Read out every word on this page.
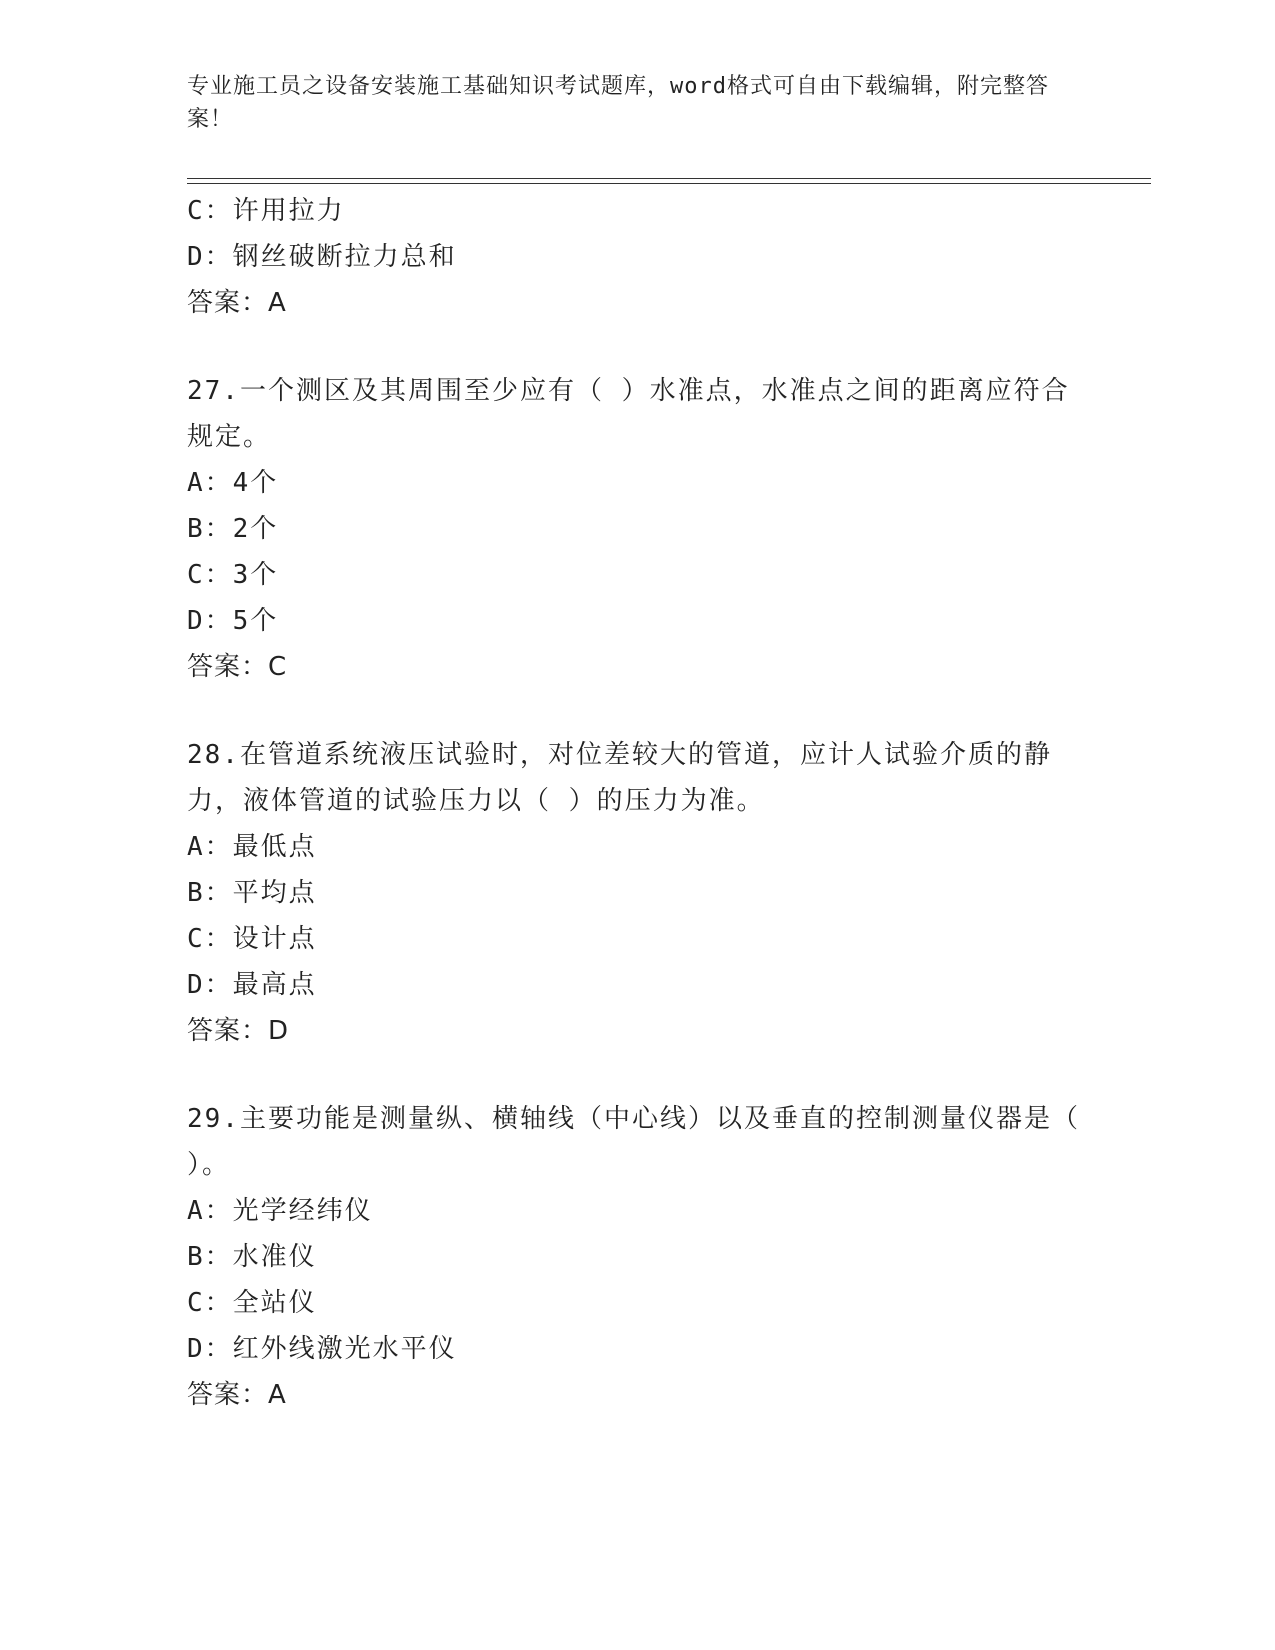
专业施工员之设备安装施工基础知识考试题库，word格式可自由下载编辑，附完整答案！
C：许用拉力
D：钢丝破断拉力总和
答案：A
27.一个测区及其周围至少应有（ ）水准点，水准点之间的距离应符合规定。
A：4个
B：2个
C：3个
D：5个
答案：C
28.在管道系统液压试验时，对位差较大的管道，应计人试验介质的静力，液体管道的试验压力以（ ）的压力为准。
A：最低点
B：平均点
C：设计点
D：最高点
答案：D
29.主要功能是测量纵、横轴线（中心线）以及垂直的控制测量仪器是（ ）。
A：光学经纬仪
B：水准仪
C：全站仪
D：红外线激光水平仪
答案：A
